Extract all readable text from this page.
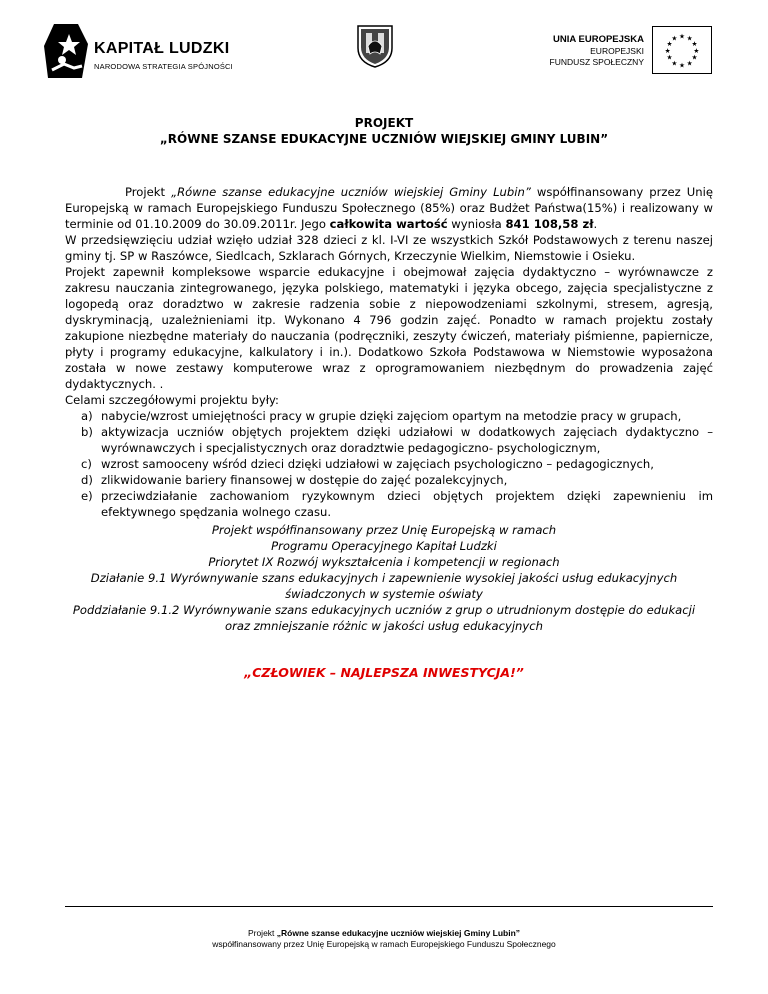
KAPITAŁ LUDZKI
NARODOWA STRATEGIA SPÓJNOŚCI
UNIA EUROPEJSKA
EUROPEJSKI
FUNDUSZ SPOŁECZNY
★ ★
★
★
★
★
★
★
★
★
★
★
PROJEKT
„RÓWNE SZANSE EDUKACYJNE UCZNIÓW WIEJSKIEJ GMINY LUBIN”

Projekt „Równe szanse edukacyjne uczniów wiejskiej Gminy Lubin” współfinansowany przez Unię Europejską w ramach Europejskiego Funduszu Społecznego (85%) oraz Budżet Państwa(15%) i realizowany w terminie od 01.10.2009 do 30.09.2011r. Jego całkowita wartość wyniosła 841 108,58 zł.

W przedsięwzięciu udział wzięło udział 328 dzieci z kl. I-VI ze wszystkich Szkół Podstawowych z terenu naszej gminy tj. SP w Raszówce, Siedlcach, Szklarach Górnych, Krzeczynie Wielkim, Niemstowie i Osieku.

Projekt zapewnił kompleksowe wsparcie edukacyjne i obejmował zajęcia dydaktyczno – wyrównawcze z zakresu nauczania zintegrowanego, języka polskiego, matematyki i języka obcego, zajęcia specjalistyczne z logopedą oraz doradztwo w zakresie radzenia sobie z niepowodzeniami szkolnymi, stresem, agresją, dyskryminacją, uzależnieniami itp. Wykonano 4 796 godzin zajęć. Ponadto w ramach projektu zostały zakupione niezbędne materiały do nauczania (podręczniki, zeszyty ćwiczeń, materiały piśmienne, papiernicze, płyty i programy edukacyjne, kalkulatory i in.). Dodatkowo Szkoła Podstawowa w Niemstowie wyposażona została w nowe zestawy komputerowe wraz z oprogramowaniem niezbędnym do prowadzenia zajęć dydaktycznych. .

Celami szczegółowymi projektu były:

a) nabycie/wzrost umiejętności pracy w grupie dzięki zajęciom opartym na metodzie pracy w grupach,
b) aktywizacja uczniów objętych projektem dzięki udziałowi w dodatkowych zajęciach dydaktyczno – wyrównawczych i specjalistycznych oraz doradztwie pedagogiczno- psychologicznym,
c) wzrost samooceny wśród dzieci dzięki udziałowi w zajęciach psychologiczno – pedagogicznych,
d) zlikwidowanie bariery finansowej w dostępie do zajęć pozalekcyjnych,
e) przeciwdziałanie zachowaniom ryzykownym dzieci objętych projektem dzięki zapewnieniu im efektywnego spędzania wolnego czasu.
Projekt współfinansowany przez Unię Europejską w ramach
Programu Operacyjnego Kapitał Ludzki
Priorytet IX Rozwój wykształcenia i kompetencji w regionach
Działanie 9.1 Wyrównywanie szans edukacyjnych i zapewnienie wysokiej jakości usług edukacyjnych
świadczonych w systemie oświaty
Poddziałanie 9.1.2 Wyrównywanie szans edukacyjnych uczniów z grup o utrudnionym dostępie do edukacji
oraz zmniejszanie różnic w jakości usług edukacyjnych
„CZŁOWIEK – NAJLEPSZA INWESTYCJA!”
Projekt „Równe szanse edukacyjne uczniów wiejskiej Gminy Lubin”
współfinansowany przez Unię Europejską w ramach Europejskiego Funduszu Społecznego
